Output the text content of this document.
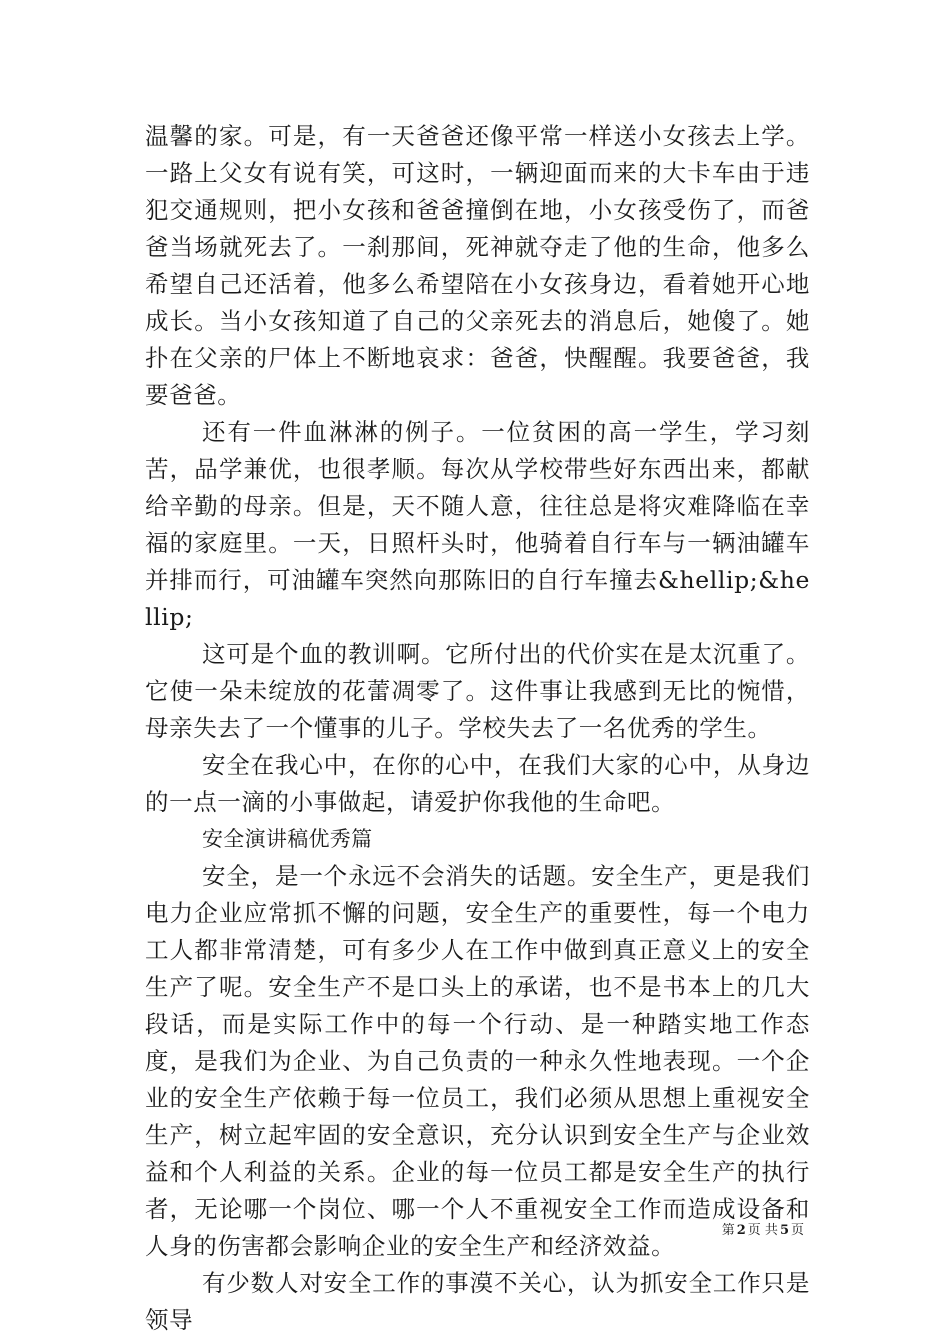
温馨的家。可是，有一天爸爸还像平常一样送小女孩去上学。一路上父女有说有笑，可这时，一辆迎面而来的大卡车由于违犯交通规则，把小女孩和爸爸撞倒在地，小女孩受伤了，而爸爸当场就死去了。一刹那间，死神就夺走了他的生命，他多么希望自己还活着，他多么希望陪在小女孩身边，看着她开心地成长。当小女孩知道了自己的父亲死去的消息后，她傻了。她扑在父亲的尸体上不断地哀求：爸爸，快醒醒。我要爸爸，我要爸爸。

还有一件血淋淋的例子。一位贫困的高一学生，学习刻苦，品学兼优，也很孝顺。每次从学校带些好东西出来，都献给辛勤的母亲。但是，天不随人意，往往总是将灾难降临在幸福的家庭里。一天，日照杆头时，他骑着自行车与一辆油罐车并排而行，可油罐车突然向那陈旧的自行车撞去&hellip;&hellip;

这可是个血的教训啊。它所付出的代价实在是太沉重了。它使一朵未绽放的花蕾凋零了。这件事让我感到无比的惋惜，母亲失去了一个懂事的儿子。学校失去了一名优秀的学生。

安全在我心中，在你的心中，在我们大家的心中，从身边的一点一滴的小事做起，请爱护你我他的生命吧。

安全演讲稿优秀篇

安全，是一个永远不会消失的话题。安全生产，更是我们电力企业应常抓不懈的问题，安全生产的重要性，每一个电力工人都非常清楚，可有多少人在工作中做到真正意义上的安全生产了呢。安全生产不是口头上的承诺，也不是书本上的几大段话，而是实际工作中的每一个行动、是一种踏实地工作态度，是我们为企业、为自己负责的一种永久性地表现。一个企业的安全生产依赖于每一位员工，我们必须从思想上重视安全生产，树立起牢固的安全意识，充分认识到安全生产与企业效益和个人利益的关系。企业的每一位员工都是安全生产的执行者，无论哪一个岗位、哪一个人不重视安全工作而造成设备和人身的伤害都会影响企业的安全生产和经济效益。

有少数人对安全工作的事漠不关心，认为抓安全工作只是领导

第 2 页 共 5 页
